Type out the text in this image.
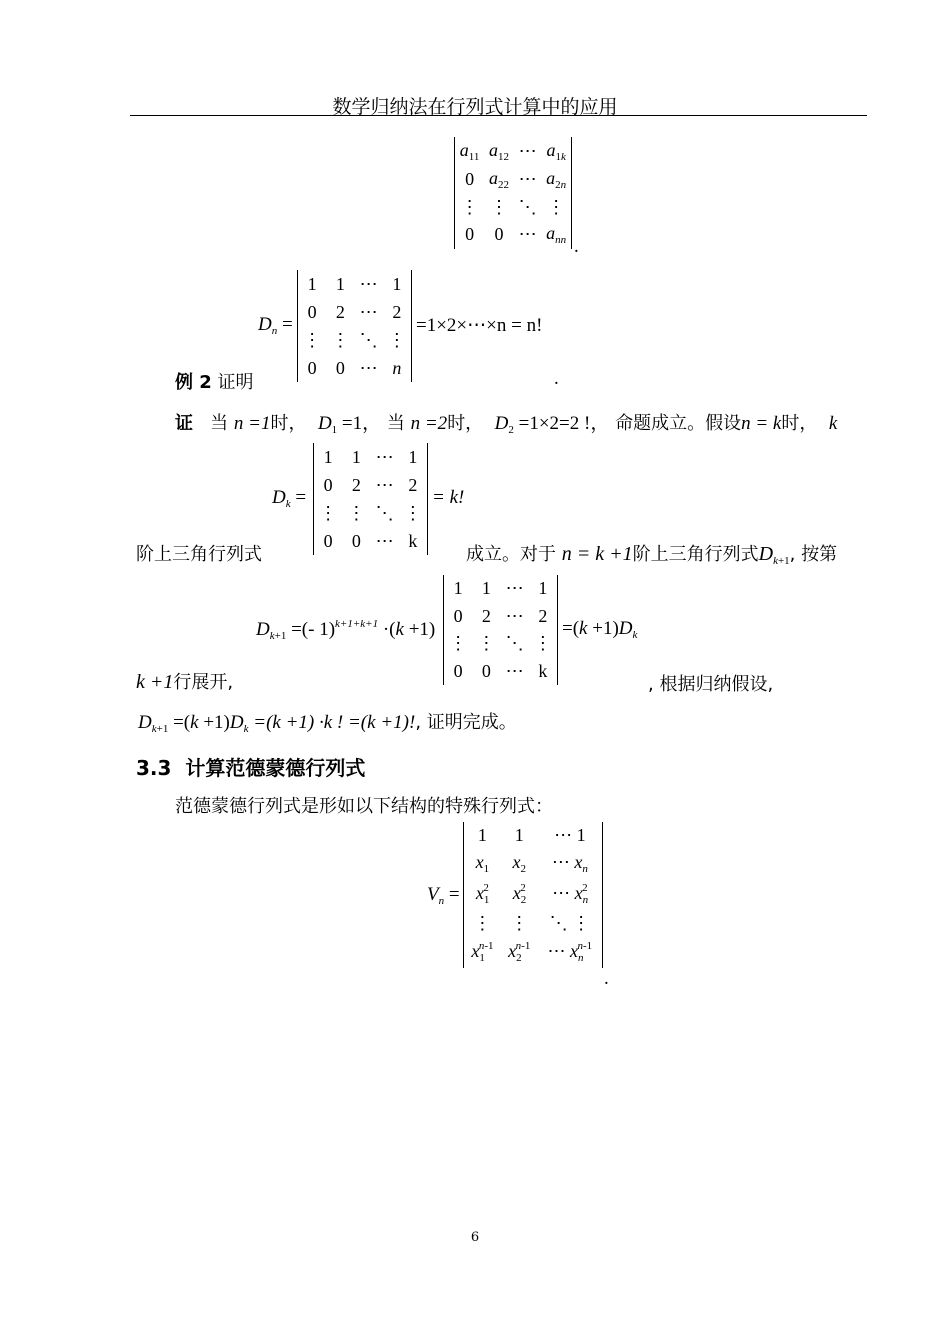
数学归纳法在行列式计算中的应用
$a_{11}$	$a_{12}$	⋯	$a_{1k}$
0	$a_{22}$	⋯	$a_{2n}$
⋮	⋮	⋱	⋮
0	0	⋯	$a_{nn}$ .
$D_n$ =
1	1	⋯	1
0	2	⋯	2
⋮	⋮	⋱	⋮
0	0	⋯	n
=1×2×⋯×n = n!
例 2 证明	.
证 当 n =1时， $D_1 =1$， 当 n =2时， $D_2 =1\times 2=2$ !， 命题成立。假设n = k时， k
$D_k$ =
1	1	⋯	1
0	2	⋯	2
⋮	⋮	⋱	⋮
0	0	⋯	k
= k!
阶上三角行列式	成立。对于 n = k +1阶上三角行列式$D_{k+1}$, 按第
$D_{k+1}$ =(- 1)$^{k+1+k+1}$ ·(k +1)
1	1	⋯	1
0	2	⋯	2
⋮	⋮	⋱	⋮
0	0	⋯	k
$=(k +1)D_k$
k +1行展开,	, 根据归纳假设,
$D_{k+1} =(k +1)D_k =(k +1) \cdot k$ ! =(k +1)!, 证明完成。
3.3 计算范德蒙德行列式
范德蒙德行列式是形如以下结构的特殊行列式：
$V_n$ =
1	1	⋯ 1
$x_1$	$x_2$	⋯ $x_n$
$x_1^2$	$x_2^2$	⋯ $x_n^2$
⋮	⋮	⋱ ⋮
$x_1^{n-1}$	$x_2^{n-1}$	⋯ $x_n^{n-1}$
.
6
